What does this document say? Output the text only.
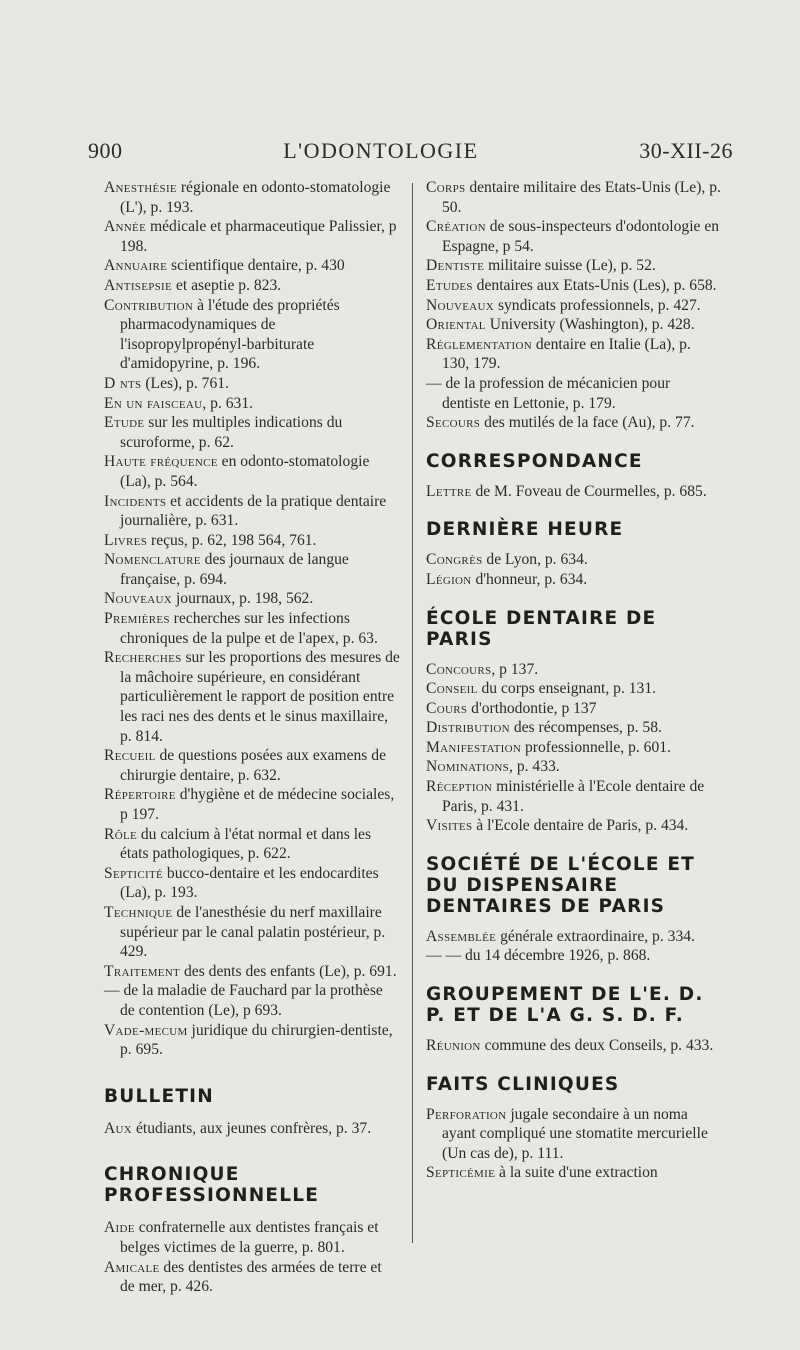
900	L'ODONTOLOGIE	30-XII-26

Anesthésie régionale en odonto-stomatologie (L'), p. 193.

Année médicale et pharmaceutique Palissier, p 198.

Annuaire scientifique dentaire, p. 430

Antisepsie et aseptie p. 823.

Contribution à l'étude des propriétés pharmacodynamiques de l'isopropylpropényl-barbiturate d'amidopyrine, p. 196.

D nts (Les), p. 761.

En un faisceau, p. 631.

Etude sur les multiples indications du scuroforme, p. 62.

Haute fréquence en odonto-stomatologie (La), p. 564.

Incidents et accidents de la pratique dentaire journalière, p. 631.

Livres reçus, p. 62, 198 564, 761.

Nomenclature des journaux de langue française, p. 694.

Nouveaux journaux, p. 198, 562.

Premières recherches sur les infections chroniques de la pulpe et de l'apex, p. 63.

Recherches sur les proportions des mesures de la mâchoire supérieure, en considérant particulièrement le rapport de position entre les raci nes des dents et le sinus maxillaire, p. 814.

Recueil de questions posées aux examens de chirurgie dentaire, p. 632.

Répertoire d'hygiène et de médecine sociales, p 197.

Rôle du calcium à l'état normal et dans les états pathologiques, p. 622.

Septicité bucco-dentaire et les endocardites (La), p. 193.

Technique de l'anesthésie du nerf maxillaire supérieur par le canal palatin postérieur, p. 429.

Traitement des dents des enfants (Le), p. 691.

— de la maladie de Fauchard par la prothèse de contention (Le), p 693.

Vade-mecum juridique du chirurgien-dentiste, p. 695.

BULLETIN

Aux étudiants, aux jeunes confrères, p. 37.

CHRONIQUE PROFESSIONNELLE

Aide confraternelle aux dentistes français et belges victimes de la guerre, p. 801.

Amicale des dentistes des armées de terre et de mer, p. 426.

Corps dentaire militaire des Etats-Unis (Le), p. 50.

Création de sous-inspecteurs d'odontologie en Espagne, p 54.

Dentiste militaire suisse (Le), p. 52.

Etudes dentaires aux Etats-Unis (Les), p. 658.

Nouveaux syndicats professionnels, p. 427.

Oriental University (Washington), p. 428.

Réglementation dentaire en Italie (La), p. 130, 179.

— de la profession de mécanicien pour dentiste en Lettonie, p. 179.

Secours des mutilés de la face (Au), p. 77.

CORRESPONDANCE

Lettre de M. Foveau de Courmelles, p. 685.

DERNIÈRE HEURE

Congrès de Lyon, p. 634.

Légion d'honneur, p. 634.

ÉCOLE DENTAIRE DE PARIS

Concours, p 137.

Conseil du corps enseignant, p. 131.

Cours d'orthodontie, p 137

Distribution des récompenses, p. 58.

Manifestation professionnelle, p. 601.

Nominations, p. 433.

Réception ministérielle à l'Ecole dentaire de Paris, p. 431.

Visites à l'Ecole dentaire de Paris, p. 434.

SOCIÉTÉ DE L'ÉCOLE ET DU DISPENSAIRE DENTAIRES DE PARIS

Assemblée générale extraordinaire, p. 334.

— — du 14 décembre 1926, p. 868.

GROUPEMENT DE L'E. D. P. ET DE L'A G. S. D. F.

Réunion commune des deux Conseils, p. 433.

FAITS CLINIQUES

Perforation jugale secondaire à un noma ayant compliqué une stomatite mercurielle (Un cas de), p. 111.

Septicémie à la suite d'une extraction
